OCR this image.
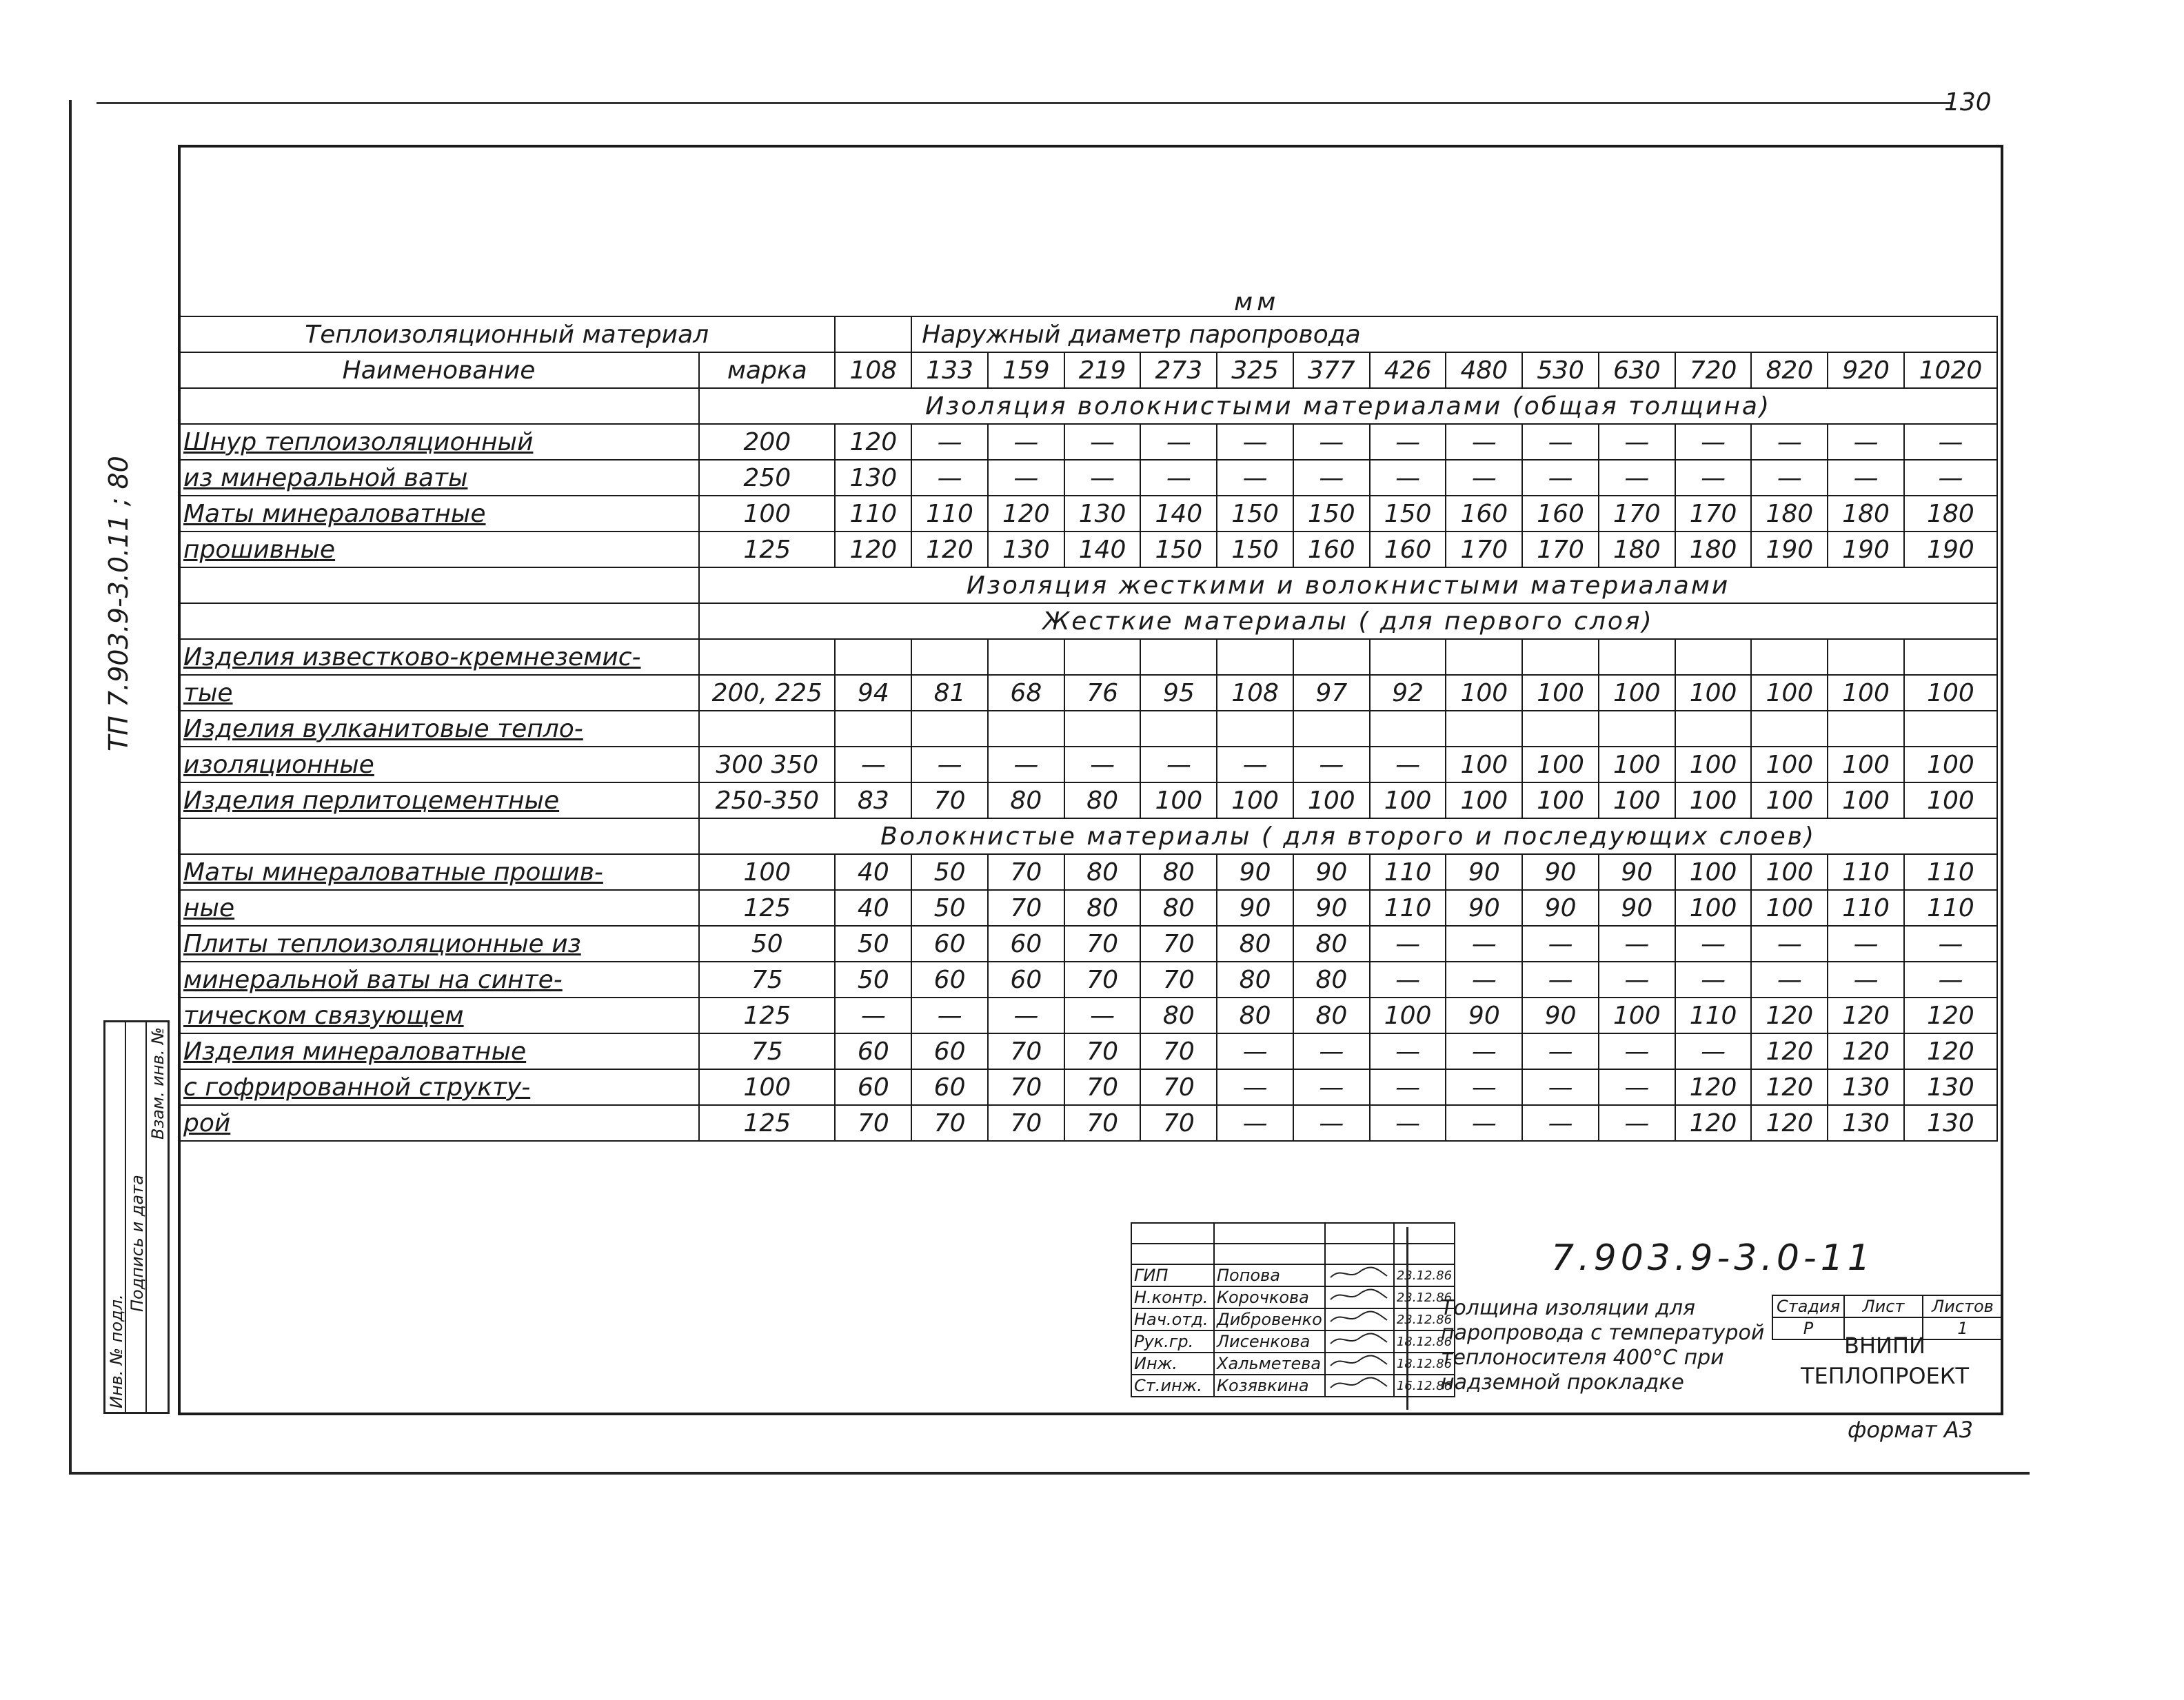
130
мм
Теплоизоляционный материал			Наружный диаметр паропровода													
Наименование	марка	108	133	159	219	273	325	377	426	480	530	630	720	820	920	1020
	Изоляция волокнистыми материалами (общая толщина)															
Шнур теплоизоляционный	200	120	—	—	—	—	—	—	—	—	—	—	—	—	—	—
из минеральной ваты	250	130	—	—	—	—	—	—	—	—	—	—	—	—	—	—
Маты минераловатные	100	110	110	120	130	140	150	150	150	160	160	170	170	180	180	180
прошивные	125	120	120	130	140	150	150	160	160	170	170	180	180	190	190	190
	Изоляция жесткими и волокнистыми материалами															
	Жесткие материалы ( для первого слоя)															
Изделия известково-кремнеземис-																
тые	200, 225	94	81	68	76	95	108	97	92	100	100	100	100	100	100	100
Изделия вулканитовые тепло-																
изоляционные	300 350	—	—	—	—	—	—	—	—	100	100	100	100	100	100	100
Изделия перлитоцементные	250-350	83	70	80	80	100	100	100	100	100	100	100	100	100	100	100
	Волокнистые материалы ( для второго и последующих слоев)															
Маты минераловатные прошив-	100	40	50	70	80	80	90	90	110	90	90	90	100	100	110	110
ные	125	40	50	70	80	80	90	90	110	90	90	90	100	100	110	110
Плиты теплоизоляционные из	50	50	60	60	70	70	80	80	—	—	—	—	—	—	—	—
минеральной ваты на синте-	75	50	60	60	70	70	80	80	—	—	—	—	—	—	—	—
тическом связующем	125	—	—	—	—	80	80	80	100	90	90	100	110	120	120	120
Изделия минераловатные	75	60	60	70	70	70	—	—	—	—	—	—	—	120	120	120
с гофрированной структу-	100	60	60	70	70	70	—	—	—	—	—	—	120	120	130	130
рой	125	70	70	70	70	70	—	—	—	—	—	—	120	120	130	130
ТП 7.903.9-3.0.11 ; 80
Инв. № подл.
Подпись и дата
Взам. инв. №

ГИП	Попова		23.12.86
Н.контр.	Корочкова		23.12.86
Нач.отд.	Дибровенко		23.12.86
Рук.гр.	Лисенкова		18.12.86
Инж.	Хальметева		18.12.86
Ст.инж.	Козявкина		16.12.86
7.903.9-3.0-11
Толщина изоляции для паропровода с температурой теплоносителя 400°С при надземной прокладке
Стадия	Лист	Листов
Р		1
ВНИПИ
ТЕПЛОПРОЕКТ
формат А3
